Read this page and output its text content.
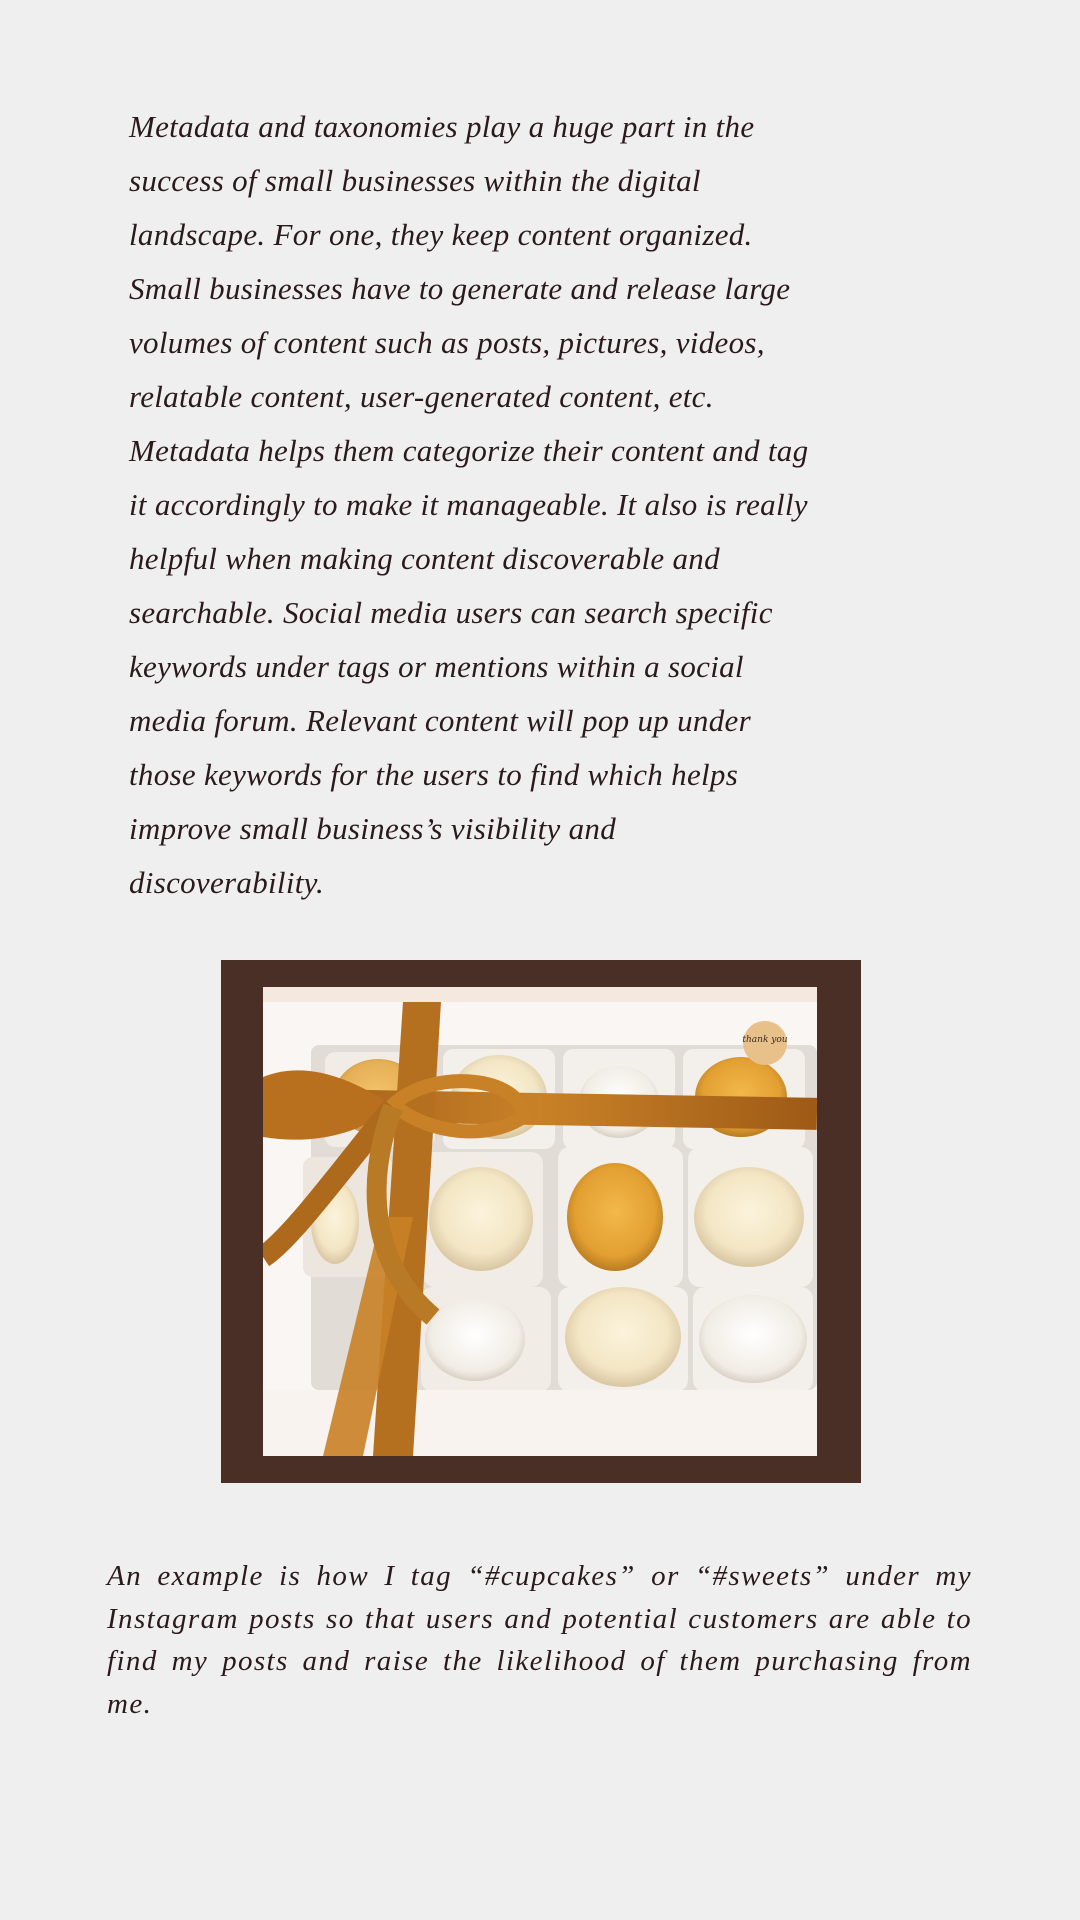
Metadata and taxonomies play a huge part in the
success of small businesses within the digital
landscape. For one, they keep content organized.
Small businesses have to generate and release large
volumes of content such as posts, pictures, videos,
relatable content, user-generated content, etc.
Metadata helps them categorize their content and tag
it accordingly to make it manageable. It also is really
helpful when making content discoverable and
searchable. Social media users can search specific
keywords under tags or mentions within a social
media forum. Relevant content will pop up under
those keywords for the users to find which helps
improve small business’s visibility and
discoverability.
thank you

An example is how I tag “#cupcakes” or “#sweets” under my Instagram posts so that users and potential customers are able to find my posts and raise the likelihood of them purchasing from me.
